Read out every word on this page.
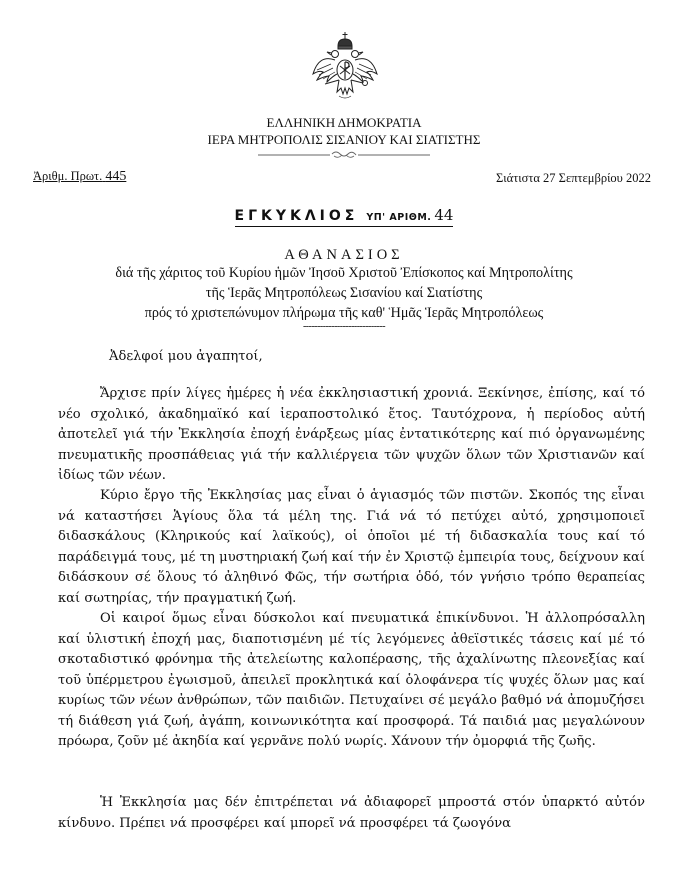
ΕΛΛΗΝΙΚΗ ΔΗΜΟΚΡΑΤΙΑ
ΙΕΡΑ ΜΗΤΡΟΠΟΛΙΣ ΣΙΣΑΝΙΟΥ ΚΑΙ ΣΙΑΤΙΣΤΗΣ
Ἀριθμ. Πρωτ. 445	Σιάτιστα 27 Σεπτεμβρίου 2022
ΕΓΚΥΚΛΙΟΣ ΥΠ' ΑΡΙΘΜ. 44
ΑΘΑΝΑΣΙΟΣ
διά τῆς χάριτος τοῦ Κυρίου ἡμῶν Ἰησοῦ Χριστοῦ Ἐπίσκοπος καί Μητροπολίτης
τῆς Ἱερᾶς Μητροπόλεως Σισανίου καί Σιατίστης
πρός τό χριστεπώνυμον πλήρωμα τῆς καθ' Ἡμᾶς Ἱερᾶς Μητροπόλεως
-----------------------------
Ἀδελφοί μου ἀγαπητοί,

Ἄρχισε πρίν λίγες ἡμέρες ἡ νέα ἐκκλησιαστική χρονιά. Ξεκίνησε, ἐπίσης, καί τό νέο σχολικό, ἀκαδημαϊκό καί ἱεραποστολικό ἔτος. Ταυτόχρονα, ἡ περίοδος αὐτή ἀποτελεῖ γιά τήν Ἐκκλησία ἐποχή ἐνάρξεως μίας ἐντατικότερης καί πιό ὀργανωμένης πνευματικῆς προσπάθειας γιά τήν καλλιέργεια τῶν ψυχῶν ὅλων τῶν Χριστιανῶν καί ἰδίως τῶν νέων.

Κύριο ἔργο τῆς Ἐκκλησίας μας εἶναι ὁ ἁγιασμός τῶν πιστῶν. Σκοπός της εἶναι νά καταστήσει Ἁγίους ὅλα τά μέλη της. Γιά νά τό πετύχει αὐτό, χρησιμοποιεῖ διδασκάλους (Κληρικούς καί λαϊκούς), οἱ ὁποῖοι μέ τή διδασκαλία τους καί τό παράδειγμά τους, μέ τη μυστηριακή ζωή καί τήν ἐν Χριστῷ ἐμπειρία τους, δείχνουν καί διδάσκουν σέ ὅλους τό ἀληθινό Φῶς, τήν σωτήρια ὁδό, τόν γνήσιο τρόπο θεραπείας καί σωτηρίας, τήν πραγματική ζωή.

Οἱ καιροί ὅμως εἶναι δύσκολοι καί πνευματικά ἐπικίνδυνοι. Ἡ ἀλλοπρόσαλλη καί ὑλιστική ἐποχή μας, διαποτισμένη μέ τίς λεγόμενες ἀθεϊστικές τάσεις καί μέ τό σκοταδιστικό φρόνημα τῆς ἀτελείωτης καλοπέρασης, τῆς ἀχαλίνωτης πλεονεξίας καί τοῦ ὑπέρμετρου ἐγωισμοῦ, ἀπειλεῖ προκλητικά καί ὁλοφάνερα τίς ψυχές ὅλων μας καί κυρίως τῶν νέων ἀνθρώπων, τῶν παιδιῶν. Πετυχαίνει σέ μεγάλο βαθμό νά ἀπομυζήσει τή διάθεση γιά ζωή, ἀγάπη, κοινωνικότητα καί προσφορά. Τά παιδιά μας μεγαλώνουν πρόωρα, ζοῦν μέ ἀκηδία καί γερνᾶνε πολύ νωρίς. Χάνουν τήν ὀμορφιά τῆς ζωῆς.

Ἡ Ἐκκλησία μας δέν ἐπιτρέπεται νά ἀδιαφορεῖ μπροστά στόν ὑπαρκτό αὐτόν κίνδυνο. Πρέπει νά προσφέρει καί μπορεῖ νά προσφέρει τά ζωογόνα
